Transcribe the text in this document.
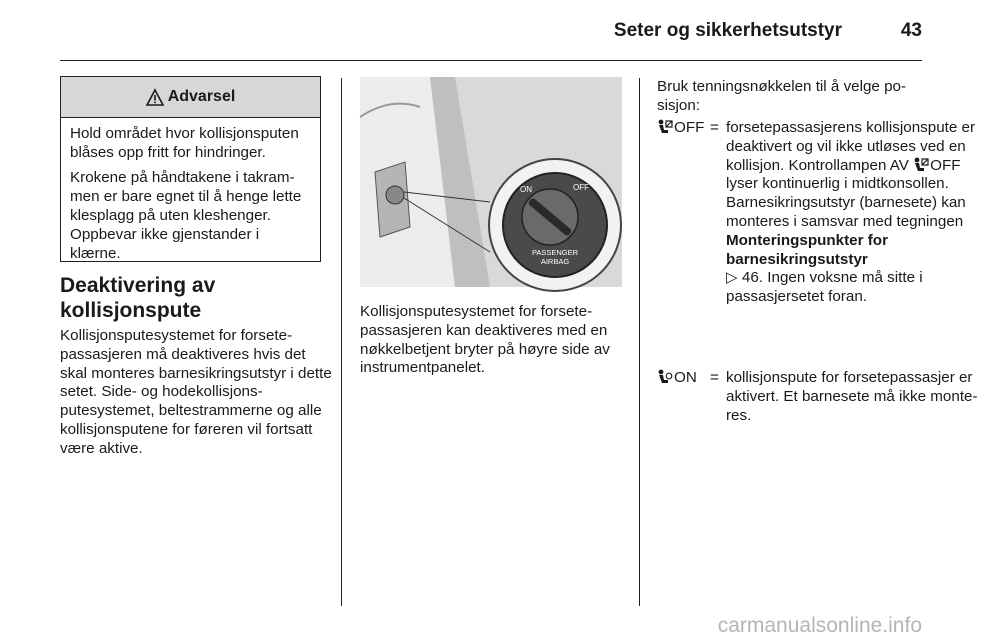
Seter og sikkerhetsutstyr	43
Advarsel

Hold området hvor kollisjonsputen blåses opp fritt for hindringer.

Krokene på håndtakene i takrammen er bare egnet til å henge lette klesplagg på uten kleshenger. Oppbevar ikke gjenstander i klærne.

Deaktivering av kollisjonspute
Kollisjonsputesystemet for forsetepassasjeren må deaktiveres hvis det skal monteres barnesikringsutstyr i dette setet. Side- og hodekollisjonsputesystemet, beltestrammerne og alle kollisjonsputene for føreren vil fortsatt være aktive.
ON	OFF
PASSENGER
AIRBAG
Kollisjonsputesystemet for forsetepassasjeren kan deaktiveres med en nøkkelbetjent bryter på høyre side av instrumentpanelet.
Bruk tenningsnøkkelen til å velge posisjon:
OFF = forsetepassasjerens kollisjonspute er deaktivert og vil ikke utløses ved en kollisjon. Kontrollampen AV OFF lyser kontinuerlig i midtkonsollen. Barnesikringsutstyr (barnesete) kan monteres i samsvar med tegningen Monteringspunkter for barnesikringsutstyr
▷ 46. Ingen voksne må sitte i passasjersetet foran.
ON = kollisjonspute for forsetepassasjer er aktivert. Et barnesete må ikke monteres.
carmanualsonline.info
